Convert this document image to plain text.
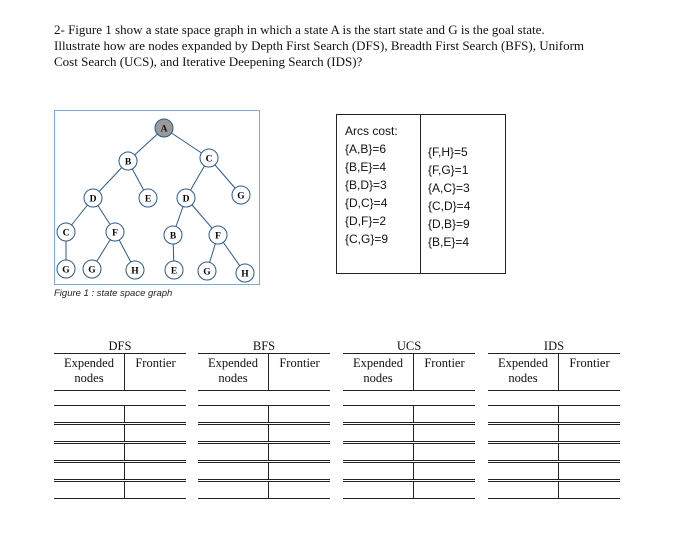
2- Figure 1 show a state space graph in which a state A is the start state and G is the goal state.
Illustrate how are nodes expanded by Depth First Search (DFS), Breadth First Search (BFS), Uniform
Cost Search (UCS), and Iterative Deepening Search (IDS)?
A
B	C
D	E	D	G
C	F	B	F
G G	H	E	G	H
Figure 1 : state space graph
Arcs cost:
{A,B}=6
{B,E}=4
{B,D}=3
{D,C}=4
{D,F}=2
{C,G}=9
{F,H}=5
{F,G}=1
{A,C}=3
{C,D}=4
{D,B}=9
{B,E}=4
DFS
Expended nodes
Frontier
BFS
Expended nodes
Frontier
UCS
Expended nodes
Frontier
IDS
Expended nodes
Frontier
